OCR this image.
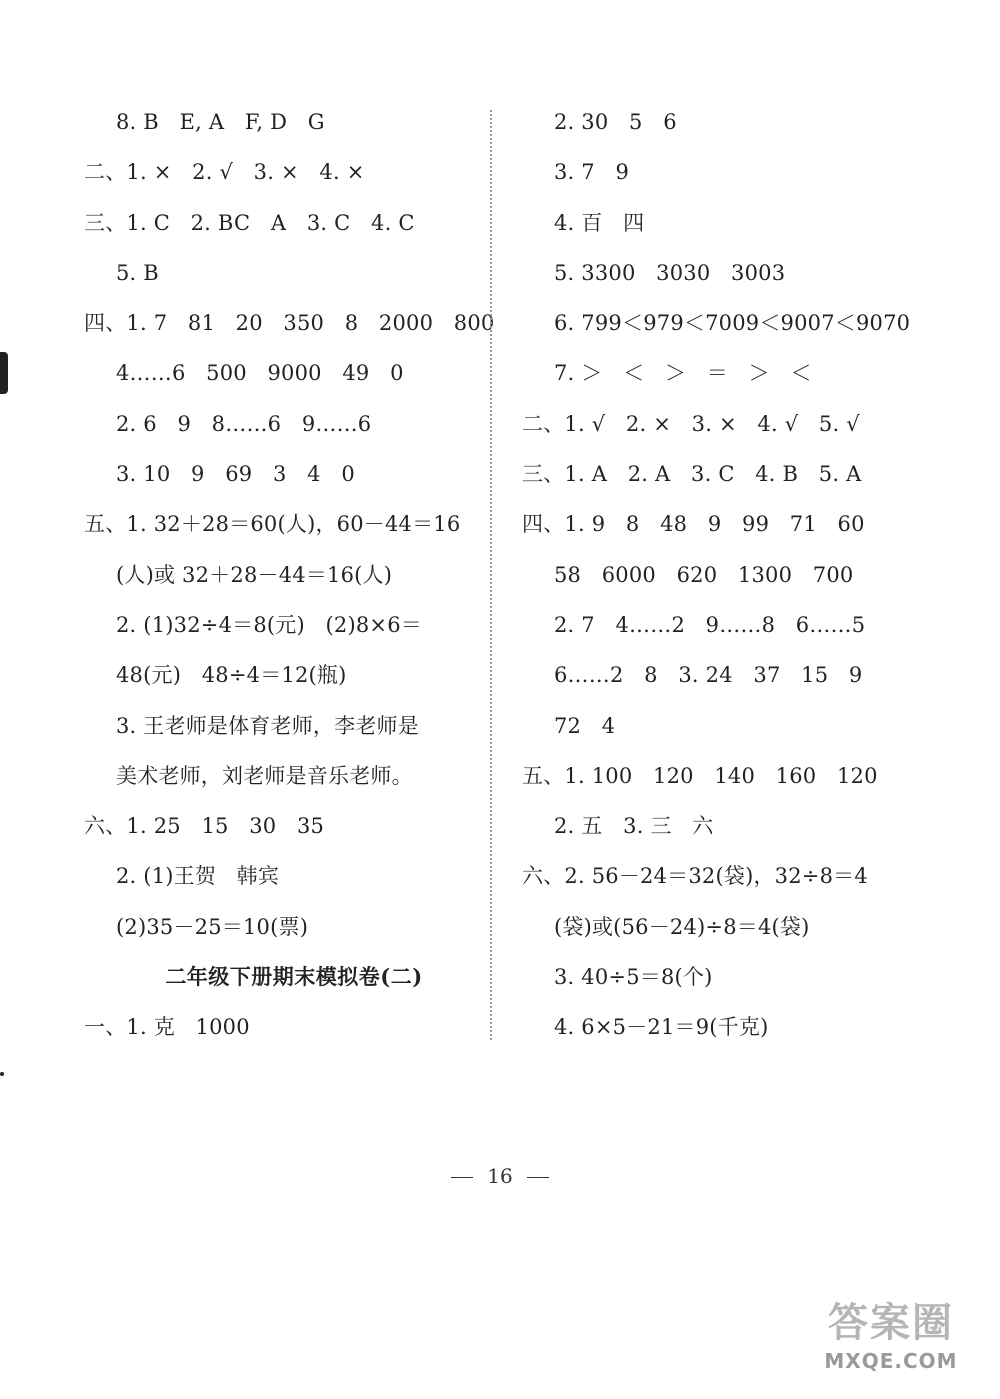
8. B   E, A   F, D   G
二、1. ×   2. √   3. ×   4. ×
三、1. C   2. BC   A   3. C   4. C
5. B
四、1. 7   81   20   350   8   2000   800
4……6   500   9000   49   0
2. 6   9   8……6   9……6
3. 10   9   69   3   4   0
五、1. 32＋28＝60(人)，60－44＝16
(人)或 32＋28－44＝16(人)
2. (1)32÷4＝8(元)   (2)8×6＝
48(元)   48÷4＝12(瓶)
3. 王老师是体育老师，李老师是
美术老师，刘老师是音乐老师。
六、1. 25   15   30   35
2. (1)王贺   韩宾
(2)35－25＝10(票)
二年级下册期末模拟卷(二)
一、1. 克   1000
2. 30   5   6
3. 7   9
4. 百   四
5. 3300   3030   3003
6. 799＜979＜7009＜9007＜9070
7. ＞   ＜   ＞   ＝   ＞   ＜
二、1. √   2. ×   3. ×   4. √   5. √
三、1. A   2. A   3. C   4. B   5. A
四、1. 9   8   48   9   99   71   60
58   6000   620   1300   700
2. 7   4……2   9……8   6……5
6……2   8   3. 24   37   15   9
72   4
五、1. 100   120   140   160   120
2. 五   3. 三   六
六、2. 56－24＝32(袋)，32÷8＝4
(袋)或(56－24)÷8＝4(袋)
3. 40÷5＝8(个)
4. 6×5－21＝9(千克)
16
答案圈
MXQE.COM
